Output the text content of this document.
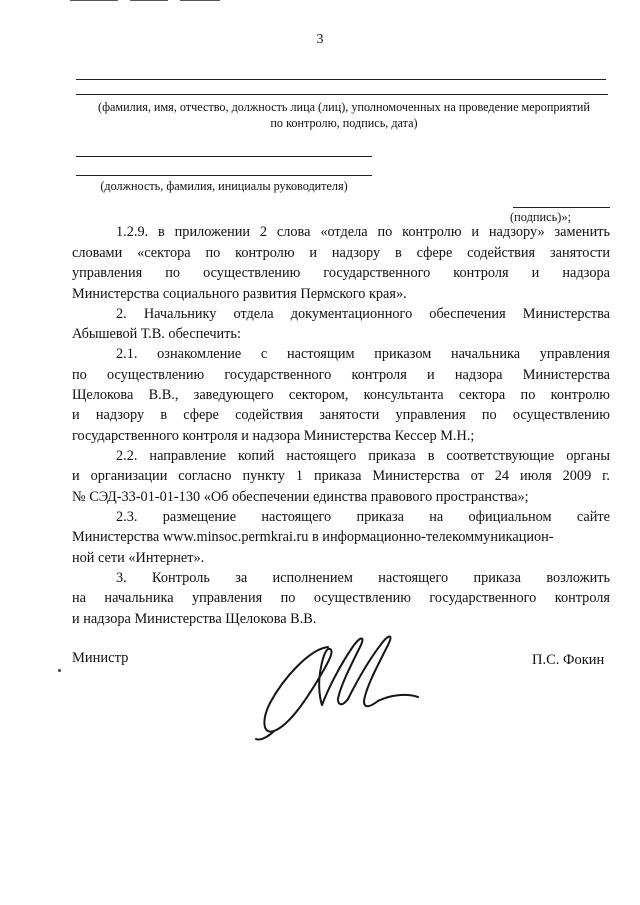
3
(фамилия, имя, отчество, должность лица (лиц), уполномоченных на проведение мероприятий
по контролю, подпись, дата)
(должность, фамилия, инициалы руководителя)
(подпись)»;
1.2.9. в приложении 2 слова «отдела по контролю и надзору» заменить
словами «сектора по контролю и надзору в сфере содействия занятости
управления по осуществлению государственного контроля и надзора
Министерства социального развития Пермского края».
2. Начальнику отдела документационного обеспечения Министерства
Абышевой Т.В. обеспечить:
2.1. ознакомление с настоящим приказом начальника управления
по осуществлению государственного контроля и надзора Министерства
Щелокова В.В., заведующего сектором, консультанта сектора по контролю
и надзору в сфере содействия занятости управления по осуществлению
государственного контроля и надзора Министерства Кессер М.Н.;
2.2. направление копий настоящего приказа в соответствующие органы
и организации согласно пункту 1 приказа Министерства от 24 июля 2009 г.
№ СЭД-33-01-01-130 «Об обеспечении единства правового пространства»;
2.3. размещение настоящего приказа на официальном сайте
Министерства www.minsoc.permkrai.ru в информационно-телекоммуникацион-
ной сети «Интернет».
3. Контроль за исполнением настоящего приказа возложить
на начальника управления по осуществлению государственного контроля
и надзора Министерства Щелокова В.В.
Министр	П.С. Фокин
